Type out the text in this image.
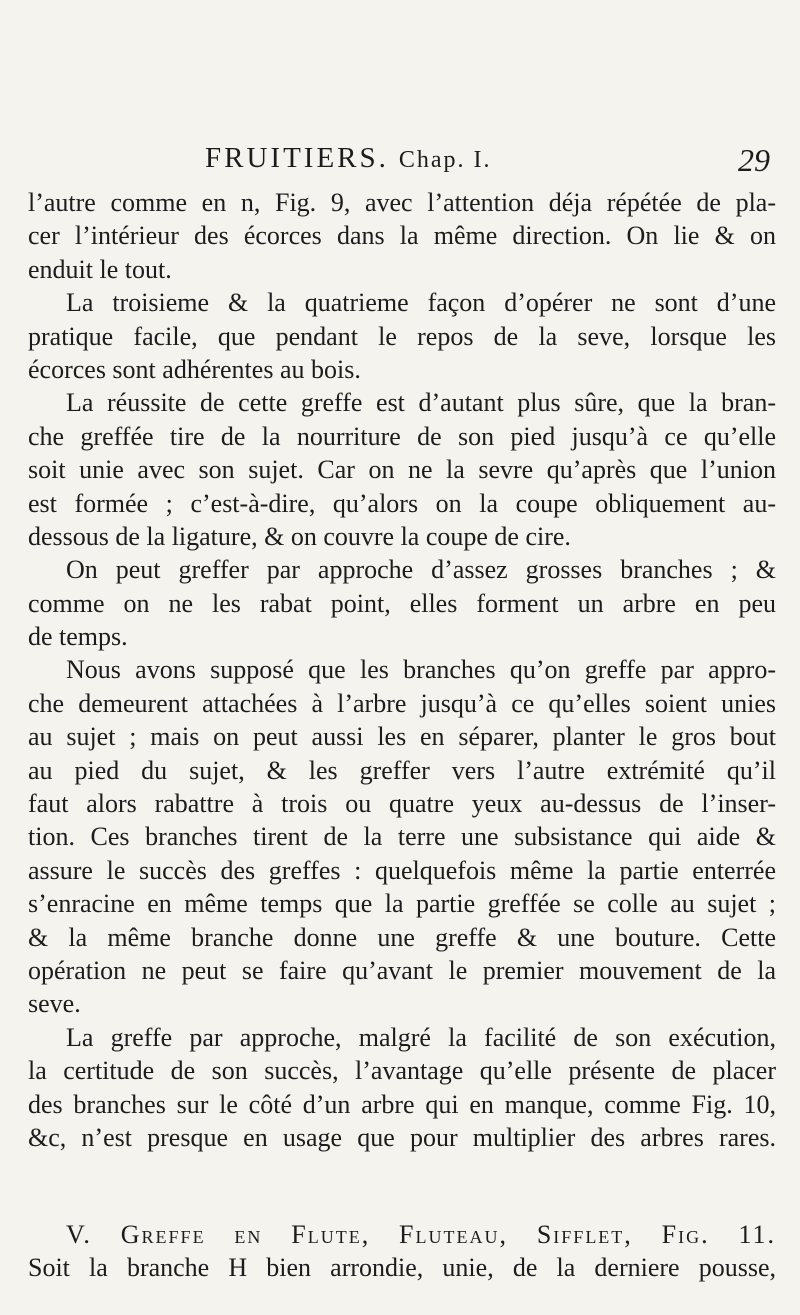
FRUITIERS. Chap. I.	29
l’autre comme en n, Fig. 9, avec l’attention déja répétée de pla-
cer l’intérieur des écorces dans la même direction. On lie & on
enduit le tout.
La troisieme & la quatrieme façon d’opérer ne sont d’une
pratique facile, que pendant le repos de la seve, lorsque les
écorces sont adhérentes au bois.
La réussite de cette greffe est d’autant plus sûre, que la bran-
che greffée tire de la nourriture de son pied jusqu’à ce qu’elle
soit unie avec son sujet. Car on ne la sevre qu’après que l’union
est formée ; c’est-à-dire, qu’alors on la coupe obliquement au-
dessous de la ligature, & on couvre la coupe de cire.
On peut greffer par approche d’assez grosses branches ; &
comme on ne les rabat point, elles forment un arbre en peu
de temps.
Nous avons supposé que les branches qu’on greffe par appro-
che demeurent attachées à l’arbre jusqu’à ce qu’elles soient unies
au sujet ; mais on peut aussi les en séparer, planter le gros bout
au pied du sujet, & les greffer vers l’autre extrémité qu’il
faut alors rabattre à trois ou quatre yeux au-dessus de l’inser-
tion. Ces branches tirent de la terre une subsistance qui aide &
assure le succès des greffes : quelquefois même la partie enterrée
s’enracine en même temps que la partie greffée se colle au sujet ;
& la même branche donne une greffe & une bouture. Cette
opération ne peut se faire qu’avant le premier mouvement de la
seve.
La greffe par approche, malgré la facilité de son exécution,
la certitude de son succès, l’avantage qu’elle présente de placer
des branches sur le côté d’un arbre qui en manque, comme Fig. 10,
&c, n’est presque en usage que pour multiplier des arbres rares.
V. Greffe en Flute, Fluteau, Sifflet, Fig. 11.
Soit la branche H bien arrondie, unie, de la derniere pousse,
